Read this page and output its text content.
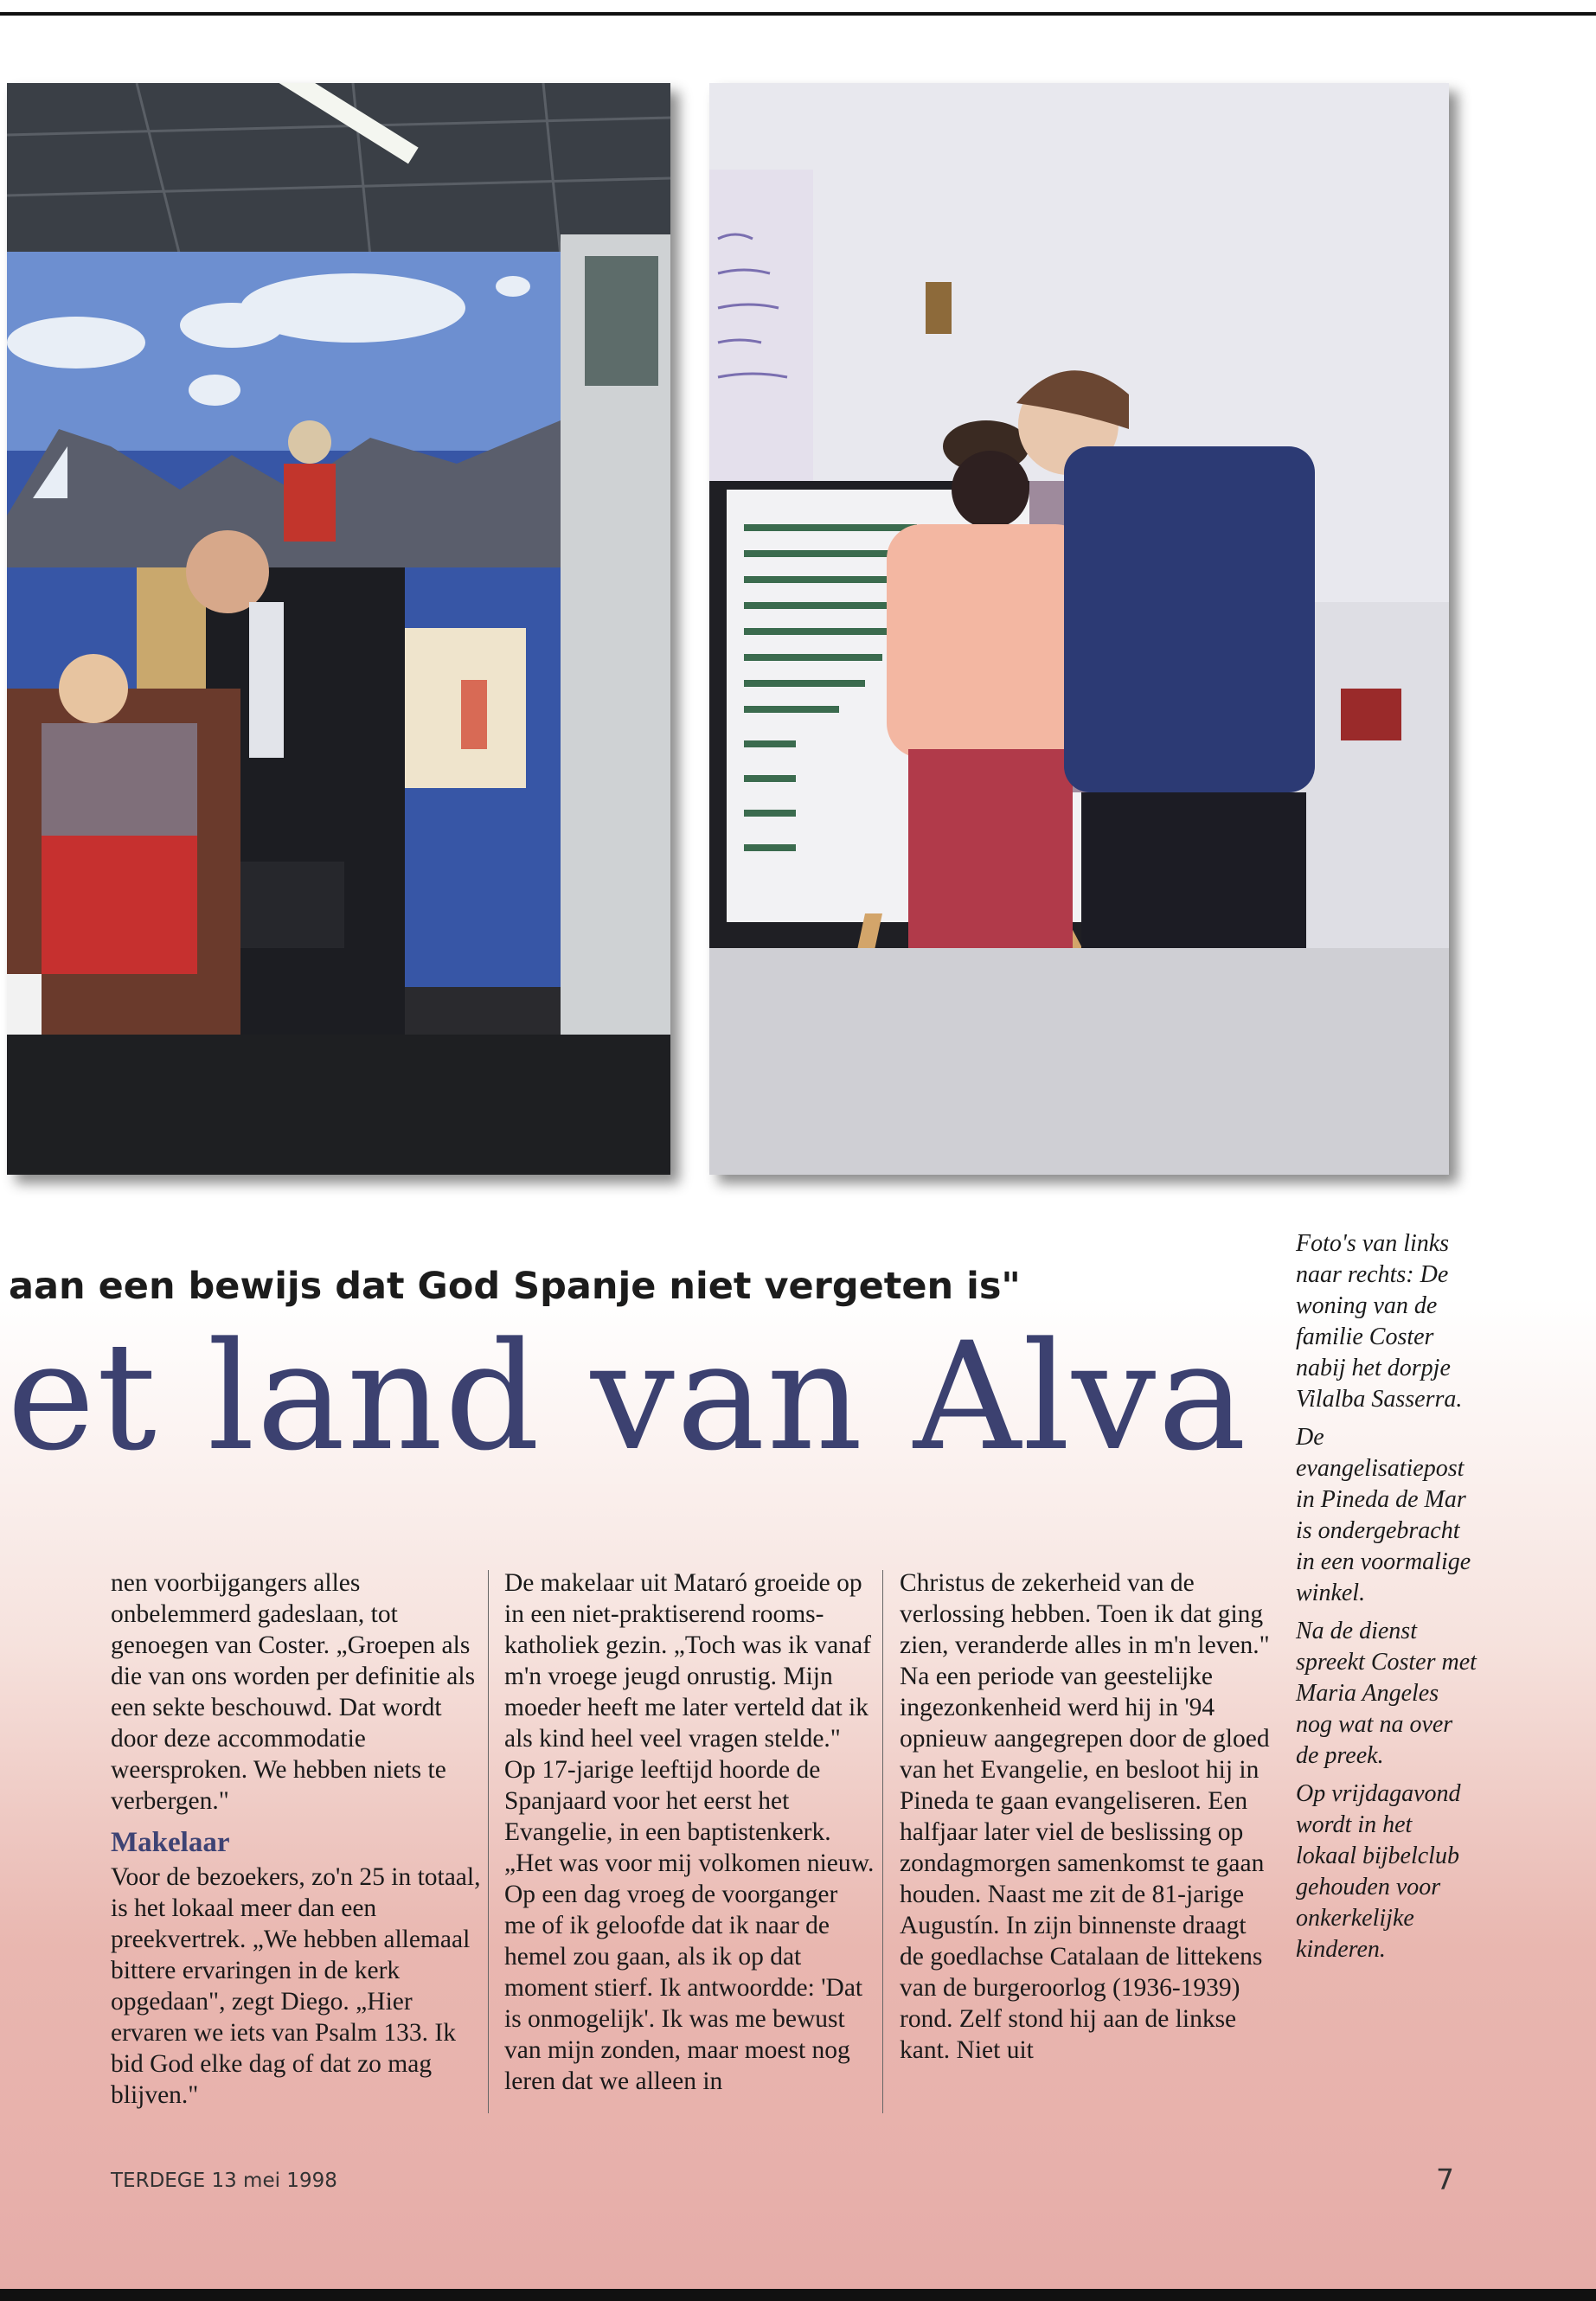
aan een bewijs dat God Spanje niet vergeten is"
et land van Alva

Foto's van links naar rechts: De woning van de familie Coster nabij het dorpje Vilalba Sasserra.

De evangelisatiepost in Pineda de Mar is ondergebracht in een voormalige winkel.

Na de dienst spreekt Coster met Maria Angeles nog wat na over de preek.

Op vrijdagavond wordt in het lokaal bijbelclub gehouden voor onkerkelijke kinderen.

nen voorbijgangers alles onbelemmerd gadeslaan, tot genoegen van Coster. „Groepen als die van ons worden per definitie als een sekte beschouwd. Dat wordt door deze accommodatie weersproken. We hebben niets te verbergen."

Makelaar

Voor de bezoekers, zo'n 25 in totaal, is het lokaal meer dan een preekvertrek. „We hebben allemaal bittere ervaringen in de kerk opgedaan", zegt Diego. „Hier ervaren we iets van Psalm 133. Ik bid God elke dag of dat zo mag blijven."

De makelaar uit Mataró groeide op in een niet-praktiserend rooms-katholiek gezin. „Toch was ik vanaf m'n vroege jeugd onrustig. Mijn moeder heeft me later verteld dat ik als kind heel veel vragen stelde." Op 17-jarige leeftijd hoorde de Spanjaard voor het eerst het Evangelie, in een baptistenkerk. „Het was voor mij volkomen nieuw. Op een dag vroeg de voorganger me of ik geloofde dat ik naar de hemel zou gaan, als ik op dat moment stierf. Ik antwoordde: 'Dat is onmogelijk'. Ik was me bewust van mijn zonden, maar moest nog leren dat we alleen in

Christus de zekerheid van de verlossing hebben. Toen ik dat ging zien, veranderde alles in m'n leven."

Na een periode van geestelijke ingezonkenheid werd hij in '94 opnieuw aangegrepen door de gloed van het Evangelie, en besloot hij in Pineda te gaan evangeliseren. Een halfjaar later viel de beslissing op zondagmorgen samenkomst te gaan houden. Naast me zit de 81-jarige Augustín. In zijn binnenste draagt de goedlachse Catalaan de littekens van de burgeroorlog (1936-1939) rond. Zelf stond hij aan de linkse kant. Niet uit

TERDEGE 13 mei 1998	7
